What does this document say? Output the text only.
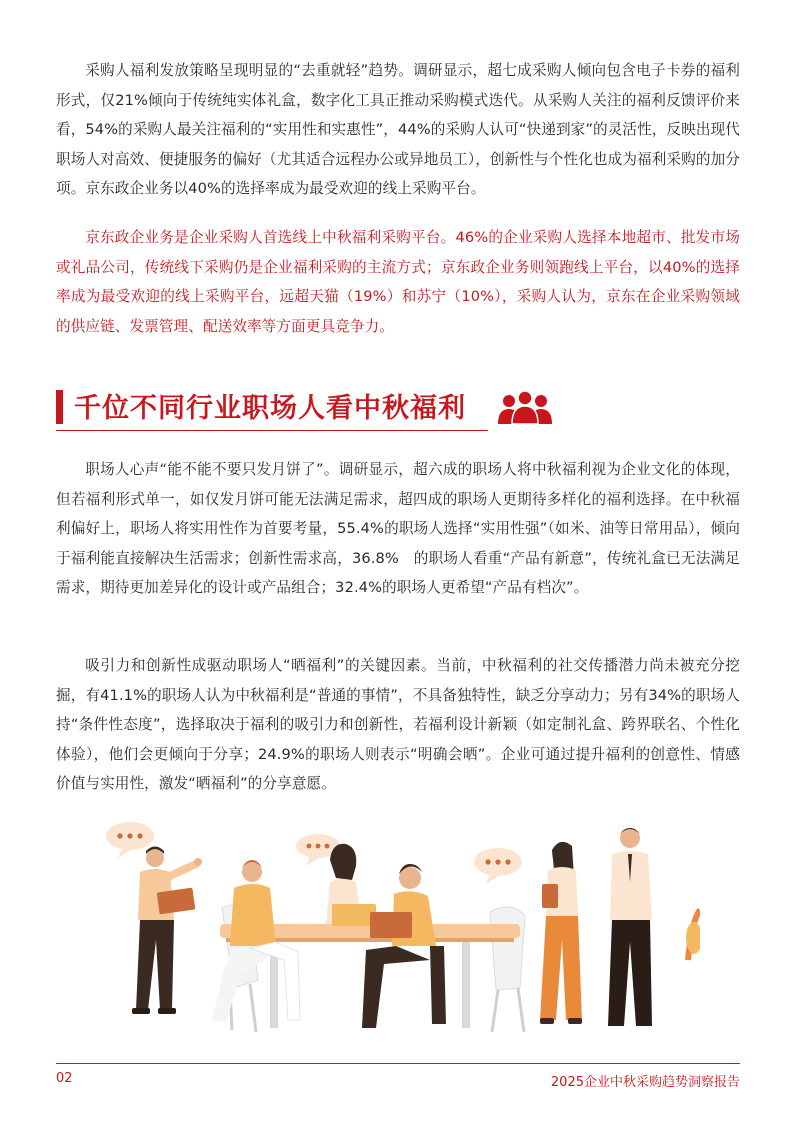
采购人福利发放策略呈现明显的“去重就轻”趋势。调研显示，超七成采购人倾向包含电子卡券的福利形式，仅21%倾向于传统纯实体礼盒，数字化工具正推动采购模式迭代。从采购人关注的福利反馈评价来看，54%的采购人最关注福利的“实用性和实惠性”，44%的采购人认可“快递到家”的灵活性，反映出现代职场人对高效、便捷服务的偏好（尤其适合远程办公或异地员工），创新性与个性化也成为福利采购的加分项。京东政企业务以40%的选择率成为最受欢迎的线上采购平台。

京东政企业务是企业采购人首选线上中秋福利采购平台。46%的企业采购人选择本地超市、批发市场或礼品公司，传统线下采购仍是企业福利采购的主流方式；京东政企业务则领跑线上平台，以40%的选择率成为最受欢迎的线上采购平台，远超天猫（19%）和苏宁（10%），采购人认为，京东在企业采购领域的供应链、发票管理、配送效率等方面更具竞争力。

千位不同行业职场人看中秋福利

职场人心声“能不能不要只发月饼了”。调研显示，超六成的职场人将中秋福利视为企业文化的体现，但若福利形式单一，如仅发月饼可能无法满足需求，超四成的职场人更期待多样化的福利选择。在中秋福利偏好上，职场人将实用性作为首要考量，55.4%的职场人选择“实用性强”（如米、油等日常用品），倾向于福利能直接解决生活需求；创新性需求高，36.8%　的职场人看重“产品有新意”，传统礼盒已无法满足需求，期待更加差异化的设计或产品组合；32.4%的职场人更希望“产品有档次”。

吸引力和创新性成驱动职场人“晒福利”的关键因素。当前，中秋福利的社交传播潜力尚未被充分挖掘，有41.1%的职场人认为中秋福利是“普通的事情”，不具备独特性，缺乏分享动力；另有34%的职场人持“条件性态度”，选择取决于福利的吸引力和创新性，若福利设计新颖（如定制礼盒、跨界联名、个性化体验），他们会更倾向于分享；24.9%的职场人则表示“明确会晒”。企业可通过提升福利的创意性、情感价值与实用性，激发“晒福利”的分享意愿。

02	2025企业中秋采购趋势洞察报告
